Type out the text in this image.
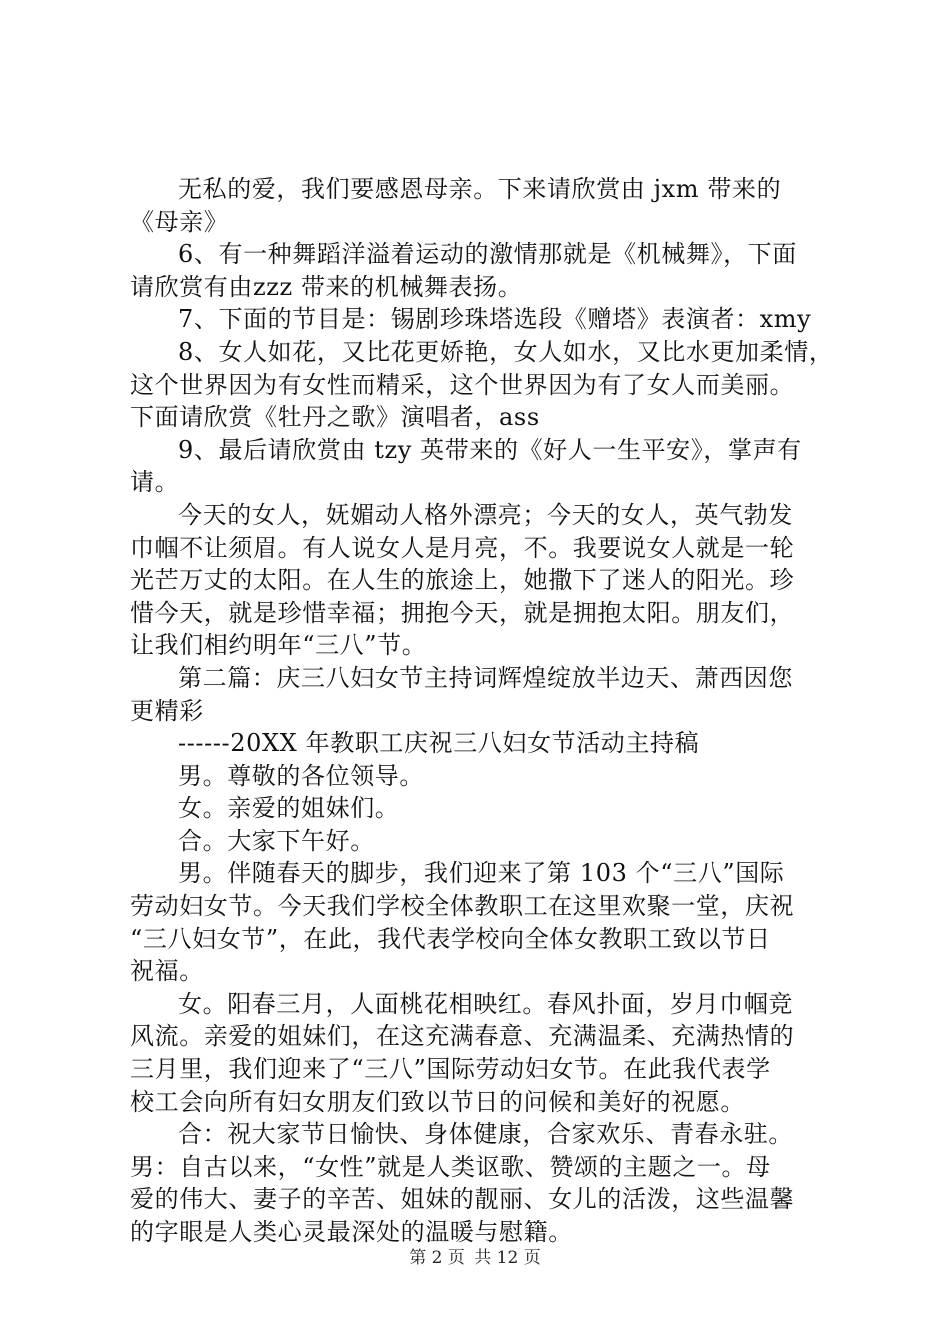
无私的爱，我们要感恩母亲。下来请欣赏由 jxm 带来的
《母亲》
6、有一种舞蹈洋溢着运动的激情那就是《机械舞》，下面
请欣赏有由zzz 带来的机械舞表扬。
7、下面的节目是：锡剧珍珠塔选段《赠塔》表演者：xmy
8、女人如花，又比花更娇艳，女人如水，又比水更加柔情，
这个世界因为有女性而精采，这个世界因为有了女人而美丽。
下面请欣赏《牡丹之歌》演唱者，ass
9、最后请欣赏由 tzy 英带来的《好人一生平安》，掌声有
请。
今天的女人，妩媚动人格外漂亮；今天的女人，英气勃发
巾帼不让须眉。有人说女人是月亮，不。我要说女人就是一轮
光芒万丈的太阳。在人生的旅途上，她撒下了迷人的阳光。珍
惜今天，就是珍惜幸福；拥抱今天，就是拥抱太阳。朋友们，
让我们相约明年“三八”节。
第二篇：庆三八妇女节主持词辉煌绽放半边天、萧西因您
更精彩
------20XX 年教职工庆祝三八妇女节活动主持稿
男。尊敬的各位领导。
女。亲爱的姐妹们。
合。大家下午好。
男。伴随春天的脚步，我们迎来了第 103 个“三八”国际
劳动妇女节。今天我们学校全体教职工在这里欢聚一堂，庆祝
“三八妇女节”，在此，我代表学校向全体女教职工致以节日
祝福。
女。阳春三月，人面桃花相映红。春风扑面，岁月巾帼竞
风流。亲爱的姐妹们，在这充满春意、充满温柔、充满热情的
三月里，我们迎来了“三八”国际劳动妇女节。在此我代表学
校工会向所有妇女朋友们致以节日的问候和美好的祝愿。
合：祝大家节日愉快、身体健康，合家欢乐、青春永驻。
男：自古以来，“女性”就是人类讴歌、赞颂的主题之一。母
爱的伟大、妻子的辛苦、姐妹的靓丽、女儿的活泼，这些温馨
的字眼是人类心灵最深处的温暖与慰籍。
第 2 页 共 12 页
